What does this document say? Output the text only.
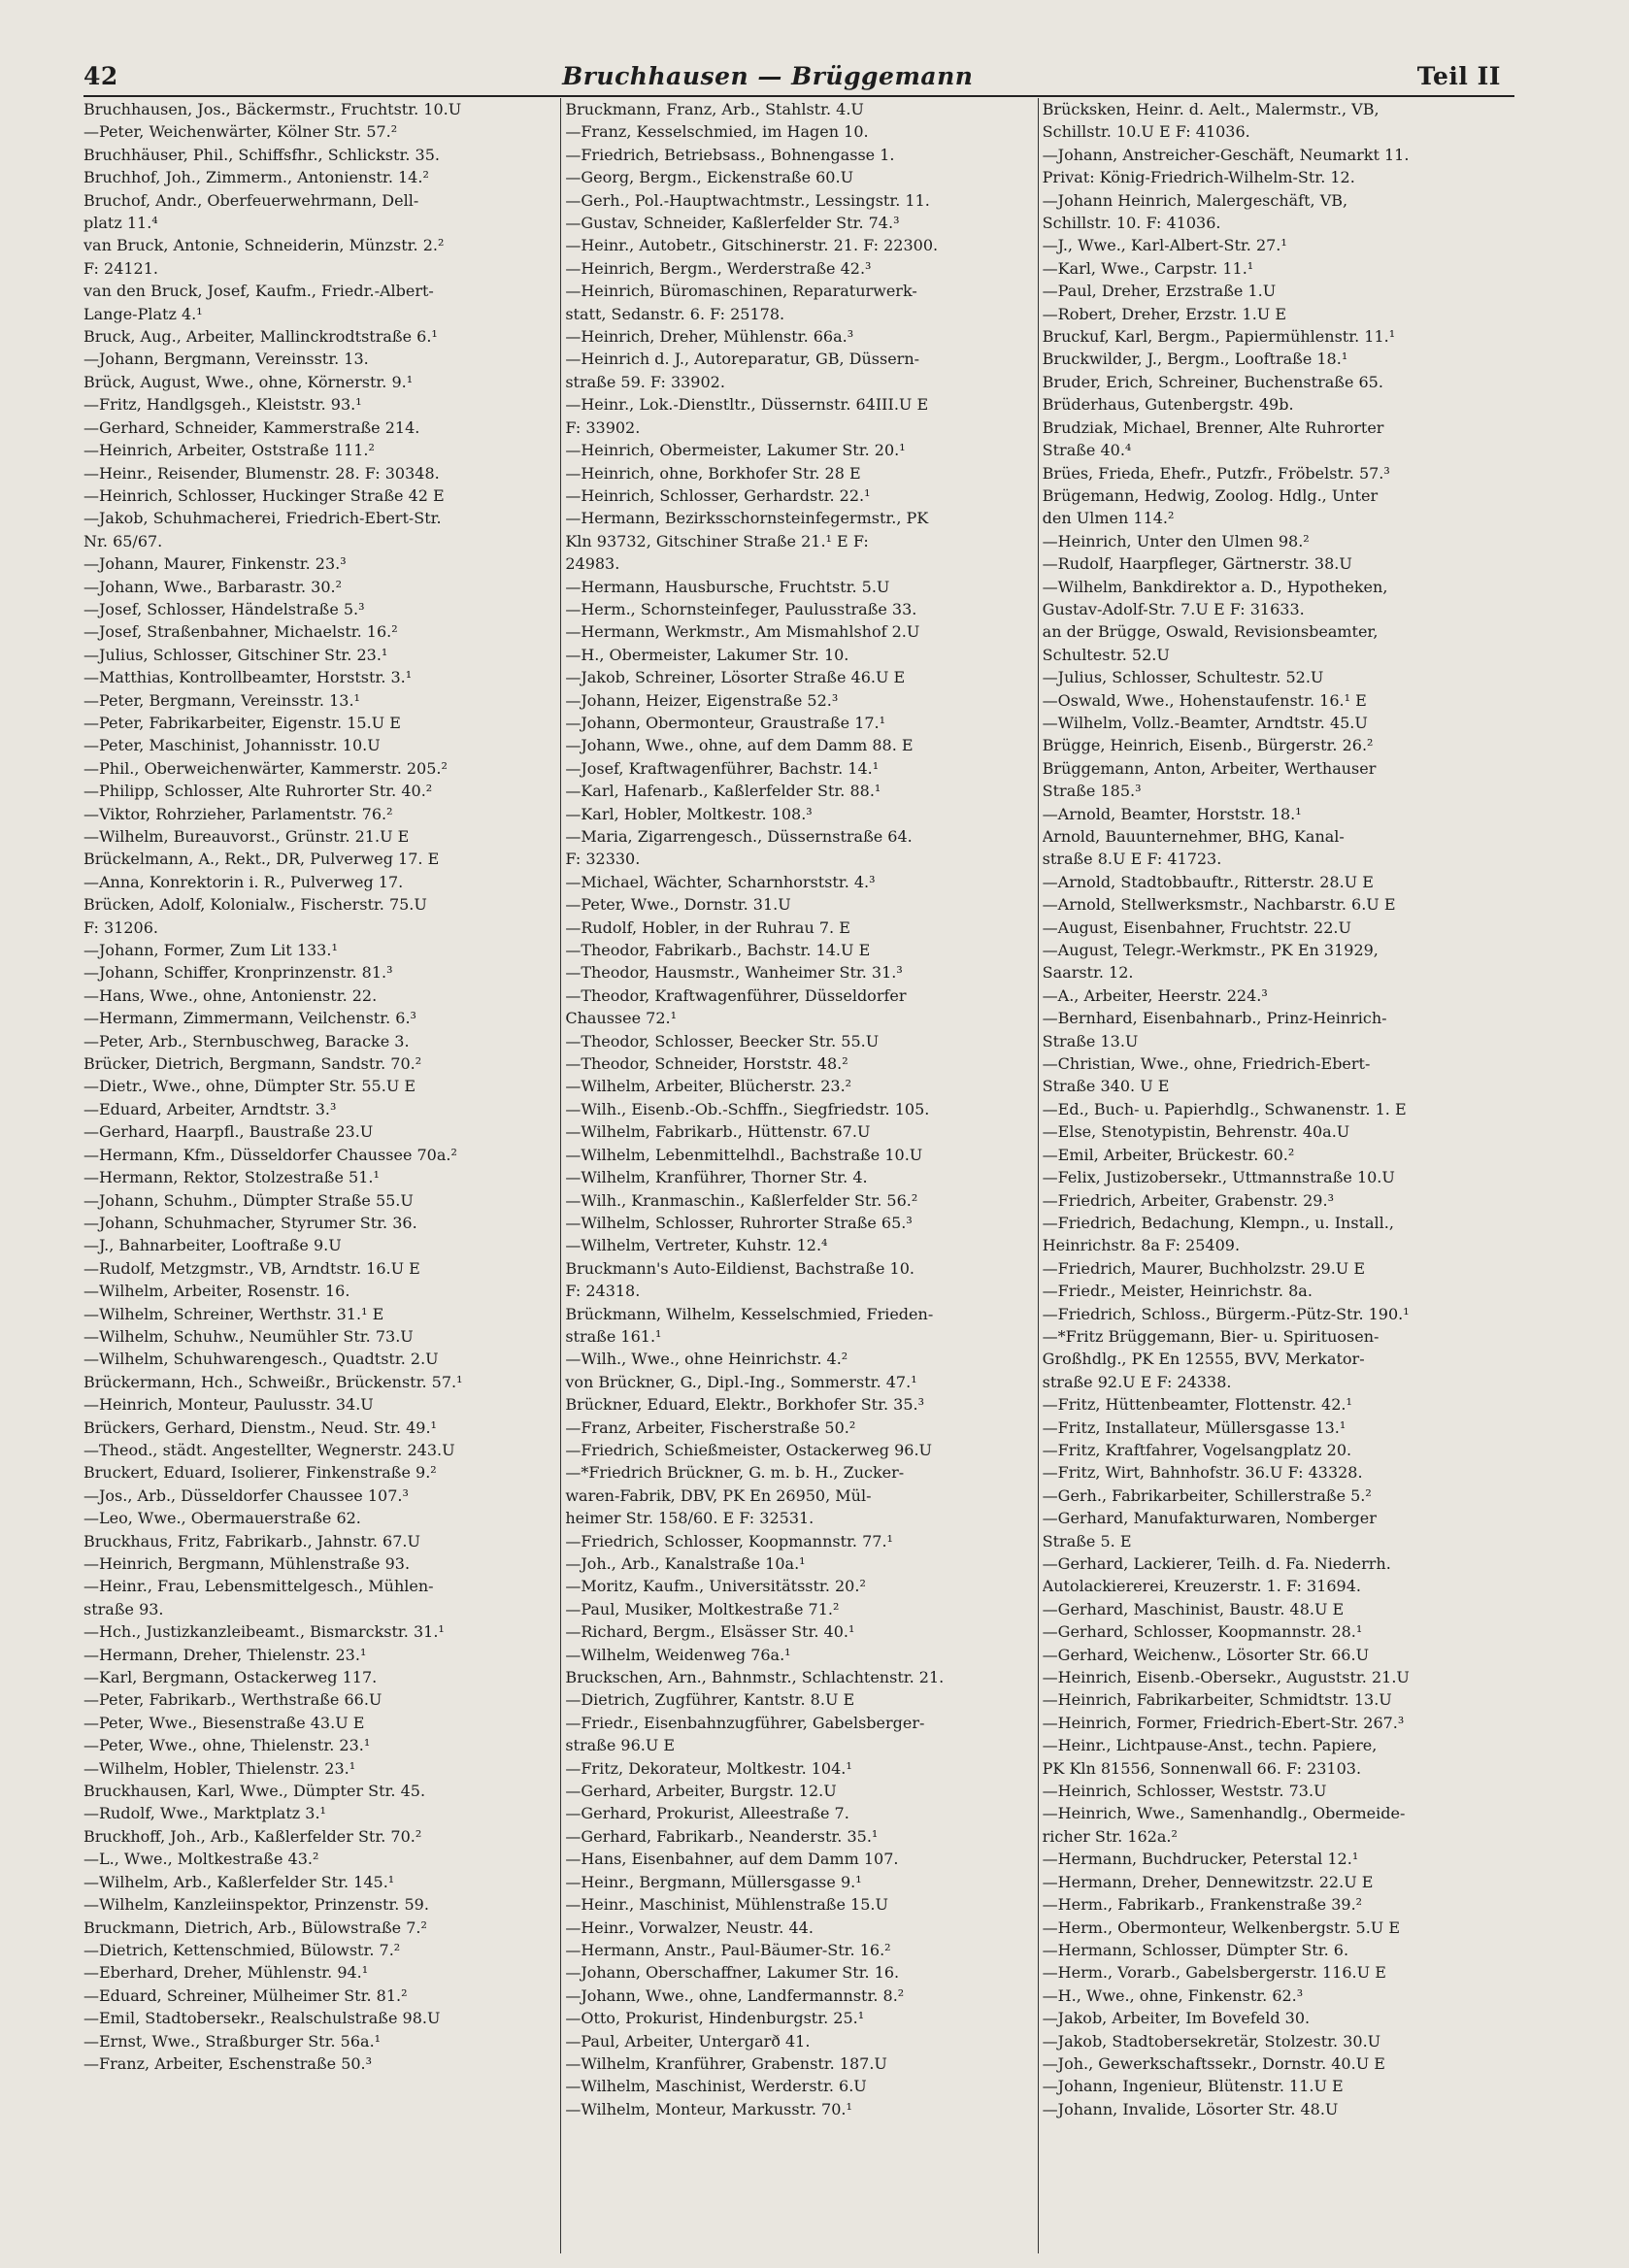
42	Bruchhausen — Brüggemann	Teil II
Bruchhausen, Jos., Bäckermstr., Fruchtstr. 10.U
—Peter, Weichenwärter, Kölner Str. 57.²
Bruchhäuser, Phil., Schiffsfhr., Schlickstr. 35.
Bruchhof, Joh., Zimmerm., Antonienstr. 14.²
Bruchof, Andr., Oberfeuerwehrmann, Dell-
platz 11.⁴
van Bruck, Antonie, Schneiderin, Münzstr. 2.²
F: 24121.
van den Bruck, Josef, Kaufm., Friedr.-Albert-
Lange-Platz 4.¹
Bruck, Aug., Arbeiter, Mallinckrodtstraße 6.¹
—Johann, Bergmann, Vereinsstr. 13.
Brück, August, Wwe., ohne, Körnerstr. 9.¹
—Fritz, Handlgsgeh., Kleiststr. 93.¹
—Gerhard, Schneider, Kammerstraße 214.
—Heinrich, Arbeiter, Oststraße 111.²
—Heinr., Reisender, Blumenstr. 28. F: 30348.
—Heinrich, Schlosser, Huckinger Straße 42 E
—Jakob, Schuhmacherei, Friedrich-Ebert-Str.
Nr. 65/67.
—Johann, Maurer, Finkenstr. 23.³
—Johann, Wwe., Barbarastr. 30.²
—Josef, Schlosser, Händelstraße 5.³
—Josef, Straßenbahner, Michaelstr. 16.²
—Julius, Schlosser, Gitschiner Str. 23.¹
—Matthias, Kontrollbeamter, Horststr. 3.¹
—Peter, Bergmann, Vereinsstr. 13.¹
—Peter, Fabrikarbeiter, Eigenstr. 15.U E
—Peter, Maschinist, Johannisstr. 10.U
—Phil., Oberweichenwärter, Kammerstr. 205.²
—Philipp, Schlosser, Alte Ruhrorter Str. 40.²
—Viktor, Rohrzieher, Parlamentstr. 76.²
—Wilhelm, Bureauvorst., Grünstr. 21.U E
Brückelmann, A., Rekt., DR, Pulverweg 17. E
—Anna, Konrektorin i. R., Pulverweg 17.
Brücken, Adolf, Kolonialw., Fischerstr. 75.U
F: 31206.
—Johann, Former, Zum Lit 133.¹
—Johann, Schiffer, Kronprinzenstr. 81.³
—Hans, Wwe., ohne, Antonienstr. 22.
—Hermann, Zimmermann, Veilchenstr. 6.³
—Peter, Arb., Sternbuschweg, Baracke 3.
Brücker, Dietrich, Bergmann, Sandstr. 70.²
—Dietr., Wwe., ohne, Dümpter Str. 55.U E
—Eduard, Arbeiter, Arndtstr. 3.³
—Gerhard, Haarpfl., Baustraße 23.U
—Hermann, Kfm., Düsseldorfer Chaussee 70a.²
—Hermann, Rektor, Stolzestraße 51.¹
—Johann, Schuhm., Dümpter Straße 55.U
—Johann, Schuhmacher, Styrumer Str. 36.
—J., Bahnarbeiter, Looftraße 9.U
—Rudolf, Metzgmstr., VB, Arndtstr. 16.U E
—Wilhelm, Arbeiter, Rosenstr. 16.
—Wilhelm, Schreiner, Werthstr. 31.¹ E
—Wilhelm, Schuhw., Neumühler Str. 73.U
—Wilhelm, Schuhwarengesch., Quadtstr. 2.U
Brückermann, Hch., Schweißr., Brückenstr. 57.¹
—Heinrich, Monteur, Paulusstr. 34.U
Brückers, Gerhard, Dienstm., Neud. Str. 49.¹
—Theod., städt. Angestellter, Wegnerstr. 243.U
Bruckert, Eduard, Isolierer, Finkenstraße 9.²
—Jos., Arb., Düsseldorfer Chaussee 107.³
—Leo, Wwe., Obermauerstraße 62.
Bruckhaus, Fritz, Fabrikarb., Jahnstr. 67.U
—Heinrich, Bergmann, Mühlenstraße 93.
—Heinr., Frau, Lebensmittelgesch., Mühlen-
straße 93.
—Hch., Justizkanzleibeamt., Bismarckstr. 31.¹
—Hermann, Dreher, Thielenstr. 23.¹
—Karl, Bergmann, Ostackerweg 117.
—Peter, Fabrikarb., Werthstraße 66.U
—Peter, Wwe., Biesenstraße 43.U E
—Peter, Wwe., ohne, Thielenstr. 23.¹
—Wilhelm, Hobler, Thielenstr. 23.¹
Bruckhausen, Karl, Wwe., Dümpter Str. 45.
—Rudolf, Wwe., Marktplatz 3.¹
Bruckhoff, Joh., Arb., Kaßlerfelder Str. 70.²
—L., Wwe., Moltkestraße 43.²
—Wilhelm, Arb., Kaßlerfelder Str. 145.¹
—Wilhelm, Kanzleiinspektor, Prinzenstr. 59.
Bruckmann, Dietrich, Arb., Bülowstraße 7.²
—Dietrich, Kettenschmied, Bülowstr. 7.²
—Eberhard, Dreher, Mühlenstr. 94.¹
—Eduard, Schreiner, Mülheimer Str. 81.²
—Emil, Stadtobersekr., Realschulstraße 98.U
—Ernst, Wwe., Straßburger Str. 56a.¹
—Franz, Arbeiter, Eschenstraße 50.³
Bruckmann, Franz, Arb., Stahlstr. 4.U
—Franz, Kesselschmied, im Hagen 10.
—Friedrich, Betriebsass., Bohnengasse 1.
—Georg, Bergm., Eickenstraße 60.U
—Gerh., Pol.-Hauptwachtmstr., Lessingstr. 11.
—Gustav, Schneider, Kaßlerfelder Str. 74.³
—Heinr., Autobetr., Gitschinerstr. 21. F: 22300.
—Heinrich, Bergm., Werderstraße 42.³
—Heinrich, Büromaschinen, Reparaturwerk-
statt, Sedanstr. 6. F: 25178.
—Heinrich, Dreher, Mühlenstr. 66a.³
—Heinrich d. J., Autoreparatur, GB, Düssern-
straße 59. F: 33902.
—Heinr., Lok.-Dienstltr., Düssernstr. 64III.U E
F: 33902.
—Heinrich, Obermeister, Lakumer Str. 20.¹
—Heinrich, ohne, Borkhofer Str. 28 E
—Heinrich, Schlosser, Gerhardstr. 22.¹
—Hermann, Bezirksschornsteinfegermstr., PK
Kln 93732, Gitschiner Straße 21.¹ E F:
24983.
—Hermann, Hausbursche, Fruchtstr. 5.U
—Herm., Schornsteinfeger, Paulusstraße 33.
—Hermann, Werkmstr., Am Mismahlshof 2.U
—H., Obermeister, Lakumer Str. 10.
—Jakob, Schreiner, Lösorter Straße 46.U E
—Johann, Heizer, Eigenstraße 52.³
—Johann, Obermonteur, Graustraße 17.¹
—Johann, Wwe., ohne, auf dem Damm 88. E
—Josef, Kraftwagenführer, Bachstr. 14.¹
—Karl, Hafenarb., Kaßlerfelder Str. 88.¹
—Karl, Hobler, Moltkestr. 108.³
—Maria, Zigarrengesch., Düssernstraße 64.
F: 32330.
—Michael, Wächter, Scharnhorststr. 4.³
—Peter, Wwe., Dornstr. 31.U
—Rudolf, Hobler, in der Ruhrau 7. E
—Theodor, Fabrikarb., Bachstr. 14.U E
—Theodor, Hausmstr., Wanheimer Str. 31.³
—Theodor, Kraftwagenführer, Düsseldorfer
Chaussee 72.¹
—Theodor, Schlosser, Beecker Str. 55.U
—Theodor, Schneider, Horststr. 48.²
—Wilhelm, Arbeiter, Blücherstr. 23.²
—Wilh., Eisenb.-Ob.-Schffn., Siegfriedstr. 105.
—Wilhelm, Fabrikarb., Hüttenstr. 67.U
—Wilhelm, Lebenmittelhdl., Bachstraße 10.U
—Wilhelm, Kranführer, Thorner Str. 4.
—Wilh., Kranmaschin., Kaßlerfelder Str. 56.²
—Wilhelm, Schlosser, Ruhrorter Straße 65.³
—Wilhelm, Vertreter, Kuhstr. 12.⁴
Bruckmann's Auto-Eildienst, Bachstraße 10.
F: 24318.
Brückmann, Wilhelm, Kesselschmied, Frieden-
straße 161.¹
—Wilh., Wwe., ohne Heinrichstr. 4.²
von Brückner, G., Dipl.-Ing., Sommerstr. 47.¹
Brückner, Eduard, Elektr., Borkhofer Str. 35.³
—Franz, Arbeiter, Fischerstraße 50.²
—Friedrich, Schießmeister, Ostackerweg 96.U
—*Friedrich Brückner, G. m. b. H., Zucker-
waren-Fabrik, DBV, PK En 26950, Mül-
heimer Str. 158/60. E F: 32531.
—Friedrich, Schlosser, Koopmannstr. 77.¹
—Joh., Arb., Kanalstraße 10a.¹
—Moritz, Kaufm., Universitätsstr. 20.²
—Paul, Musiker, Moltkestraße 71.²
—Richard, Bergm., Elsässer Str. 40.¹
—Wilhelm, Weidenweg 76a.¹
Bruckschen, Arn., Bahnmstr., Schlachtenstr. 21.
—Dietrich, Zugführer, Kantstr. 8.U E
—Friedr., Eisenbahnzugführer, Gabelsberger-
straße 96.U E
—Fritz, Dekorateur, Moltkestr. 104.¹
—Gerhard, Arbeiter, Burgstr. 12.U
—Gerhard, Prokurist, Alleestraße 7.
—Gerhard, Fabrikarb., Neanderstr. 35.¹
—Hans, Eisenbahner, auf dem Damm 107.
—Heinr., Bergmann, Müllersgasse 9.¹
—Heinr., Maschinist, Mühlenstraße 15.U
—Heinr., Vorwalzer, Neustr. 44.
—Hermann, Anstr., Paul-Bäumer-Str. 16.²
—Johann, Oberschaffner, Lakumer Str. 16.
—Johann, Wwe., ohne, Landfermannstr. 8.²
—Otto, Prokurist, Hindenburgstr. 25.¹
—Paul, Arbeiter, Untergarð 41.
—Wilhelm, Kranführer, Grabenstr. 187.U
—Wilhelm, Maschinist, Werderstr. 6.U
—Wilhelm, Monteur, Markusstr. 70.¹
Brücksken, Heinr. d. Aelt., Malermstr., VB,
Schillstr. 10.U E F: 41036.
—Johann, Anstreicher-Geschäft, Neumarkt 11.
Privat: König-Friedrich-Wilhelm-Str. 12.
—Johann Heinrich, Malergeschäft, VB,
Schillstr. 10. F: 41036.
—J., Wwe., Karl-Albert-Str. 27.¹
—Karl, Wwe., Carpstr. 11.¹
—Paul, Dreher, Erzstraße 1.U
—Robert, Dreher, Erzstr. 1.U E
Bruckuf, Karl, Bergm., Papiermühlenstr. 11.¹
Bruckwilder, J., Bergm., Looftraße 18.¹
Bruder, Erich, Schreiner, Buchenstraße 65.
Brüderhaus, Gutenbergstr. 49b.
Brudziak, Michael, Brenner, Alte Ruhrorter
Straße 40.⁴
Brües, Frieda, Ehefr., Putzfr., Fröbelstr. 57.³
Brügemann, Hedwig, Zoolog. Hdlg., Unter
den Ulmen 114.²
—Heinrich, Unter den Ulmen 98.²
—Rudolf, Haarpfleger, Gärtnerstr. 38.U
—Wilhelm, Bankdirektor a. D., Hypotheken,
Gustav-Adolf-Str. 7.U E F: 31633.
an der Brügge, Oswald, Revisionsbeamter,
Schultestr. 52.U
—Julius, Schlosser, Schultestr. 52.U
—Oswald, Wwe., Hohenstaufenstr. 16.¹ E
—Wilhelm, Vollz.-Beamter, Arndtstr. 45.U
Brügge, Heinrich, Eisenb., Bürgerstr. 26.²
Brüggemann, Anton, Arbeiter, Werthauser
Straße 185.³
—Arnold, Beamter, Horststr. 18.¹
Arnold, Bauunternehmer, BHG, Kanal-
straße 8.U E F: 41723.
—Arnold, Stadtobbauftr., Ritterstr. 28.U E
—Arnold, Stellwerksmstr., Nachbarstr. 6.U E
—August, Eisenbahner, Fruchtstr. 22.U
—August, Telegr.-Werkmstr., PK En 31929,
Saarstr. 12.
—A., Arbeiter, Heerstr. 224.³
—Bernhard, Eisenbahnarb., Prinz-Heinrich-
Straße 13.U
—Christian, Wwe., ohne, Friedrich-Ebert-
Straße 340. U E
—Ed., Buch- u. Papierhdlg., Schwanenstr. 1. E
—Else, Stenotypistin, Behrenstr. 40a.U
—Emil, Arbeiter, Brückestr. 60.²
—Felix, Justizobersekr., Uttmannstraße 10.U
—Friedrich, Arbeiter, Grabenstr. 29.³
—Friedrich, Bedachung, Klempn., u. Install.,
Heinrichstr. 8a F: 25409.
—Friedrich, Maurer, Buchholzstr. 29.U E
—Friedr., Meister, Heinrichstr. 8a.
—Friedrich, Schloss., Bürgerm.-Pütz-Str. 190.¹
—*Fritz Brüggemann, Bier- u. Spirituosen-
Großhdlg., PK En 12555, BVV, Merkator-
straße 92.U E F: 24338.
—Fritz, Hüttenbeamter, Flottenstr. 42.¹
—Fritz, Installateur, Müllersgasse 13.¹
—Fritz, Kraftfahrer, Vogelsangplatz 20.
—Fritz, Wirt, Bahnhofstr. 36.U F: 43328.
—Gerh., Fabrikarbeiter, Schillerstraße 5.²
—Gerhard, Manufakturwaren, Nomberger
Straße 5. E
—Gerhard, Lackierer, Teilh. d. Fa. Niederrh.
Autolackiererei, Kreuzerstr. 1. F: 31694.
—Gerhard, Maschinist, Baustr. 48.U E
—Gerhard, Schlosser, Koopmannstr. 28.¹
—Gerhard, Weichenw., Lösorter Str. 66.U
—Heinrich, Eisenb.-Obersekr., Auguststr. 21.U
—Heinrich, Fabrikarbeiter, Schmidtstr. 13.U
—Heinrich, Former, Friedrich-Ebert-Str. 267.³
—Heinr., Lichtpause-Anst., techn. Papiere,
PK Kln 81556, Sonnenwall 66. F: 23103.
—Heinrich, Schlosser, Weststr. 73.U
—Heinrich, Wwe., Samenhandlg., Obermeide-
richer Str. 162a.²
—Hermann, Buchdrucker, Peterstal 12.¹
—Hermann, Dreher, Dennewitzstr. 22.U E
—Herm., Fabrikarb., Frankenstraße 39.²
—Herm., Obermonteur, Welkenbergstr. 5.U E
—Hermann, Schlosser, Dümpter Str. 6.
—Herm., Vorarb., Gabelsbergerstr. 116.U E
—H., Wwe., ohne, Finkenstr. 62.³
—Jakob, Arbeiter, Im Bovefeld 30.
—Jakob, Stadtobersekretär, Stolzestr. 30.U
—Joh., Gewerkschaftssekr., Dornstr. 40.U E
—Johann, Ingenieur, Blütenstr. 11.U E
—Johann, Invalide, Lösorter Str. 48.U
